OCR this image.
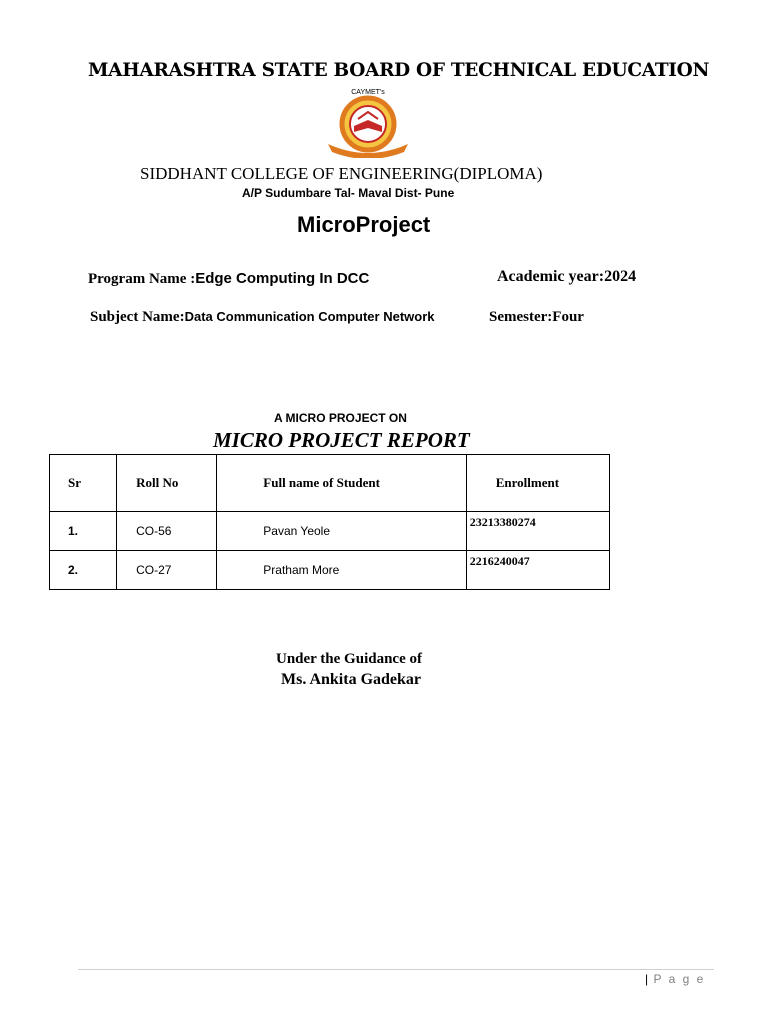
MAHARASHTRA STATE BOARD OF TECHNICAL EDUCATION
CAYMET's
SIDDHANT COLLEGE OF ENGINEERING(DIPLOMA)
A/P Sudumbare Tal- Maval Dist- Pune
MicroProject
Program Name :Edge Computing In DCC	Academic year:2024
Subject Name:Data Communication Computer Network	Semester:Four
A MICRO PROJECT ON
MICRO PROJECT REPORT
Sr	Roll No	Full name of Student	Enrollment
1.	CO-56	Pavan Yeole	23213380274
2.	CO-27	Pratham More	2216240047
Under the Guidance of
Ms. Ankita Gadekar
| P a g e
